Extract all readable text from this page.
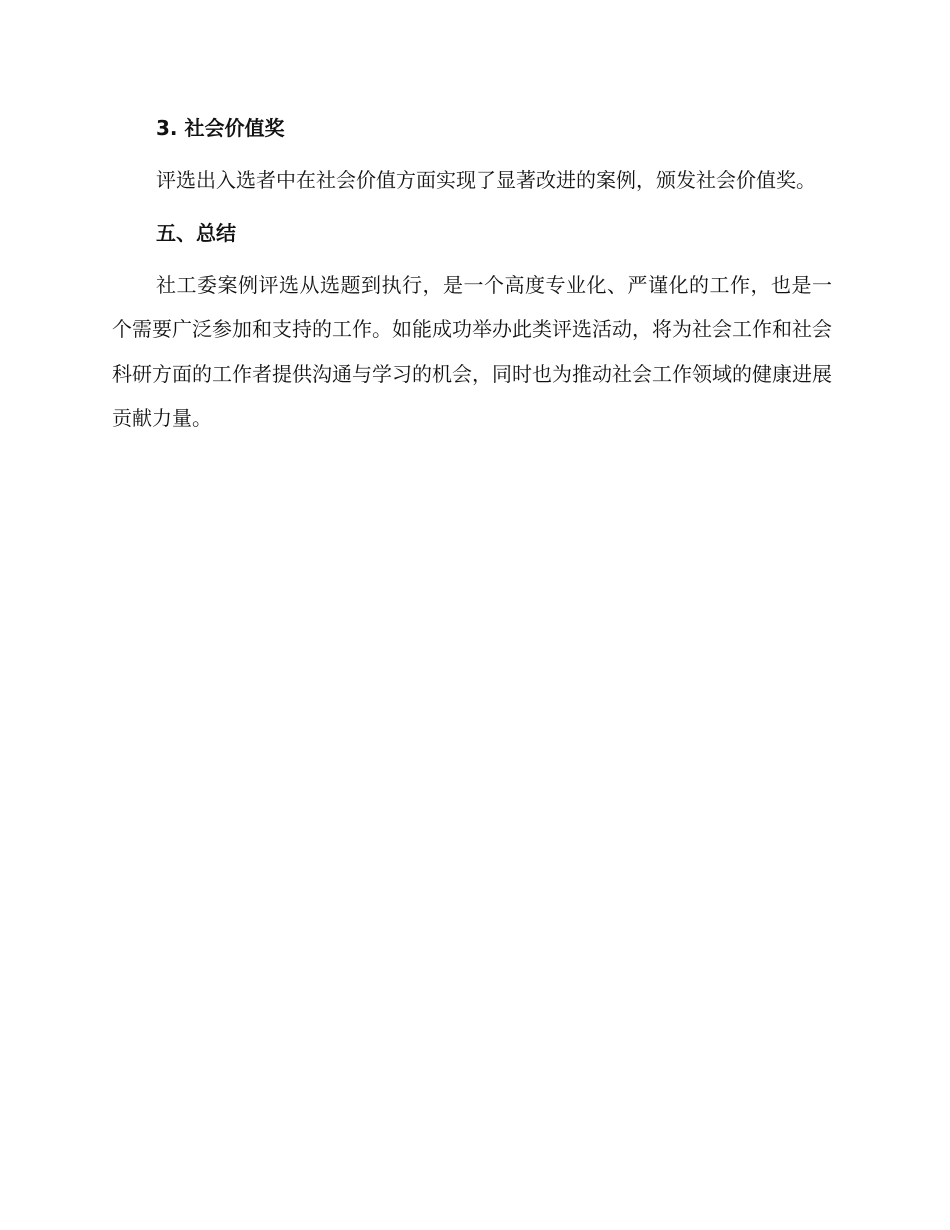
3. 社会价值奖

评选出入选者中在社会价值方面实现了显著改进的案例，颁发社会价值奖。

五、总结

社工委案例评选从选题到执行，是一个高度专业化、严谨化的工作，也是一个需要广泛参加和支持的工作。如能成功举办此类评选活动，将为社会工作和社会科研方面的工作者提供沟通与学习的机会，同时也为推动社会工作领域的健康进展贡献力量。
